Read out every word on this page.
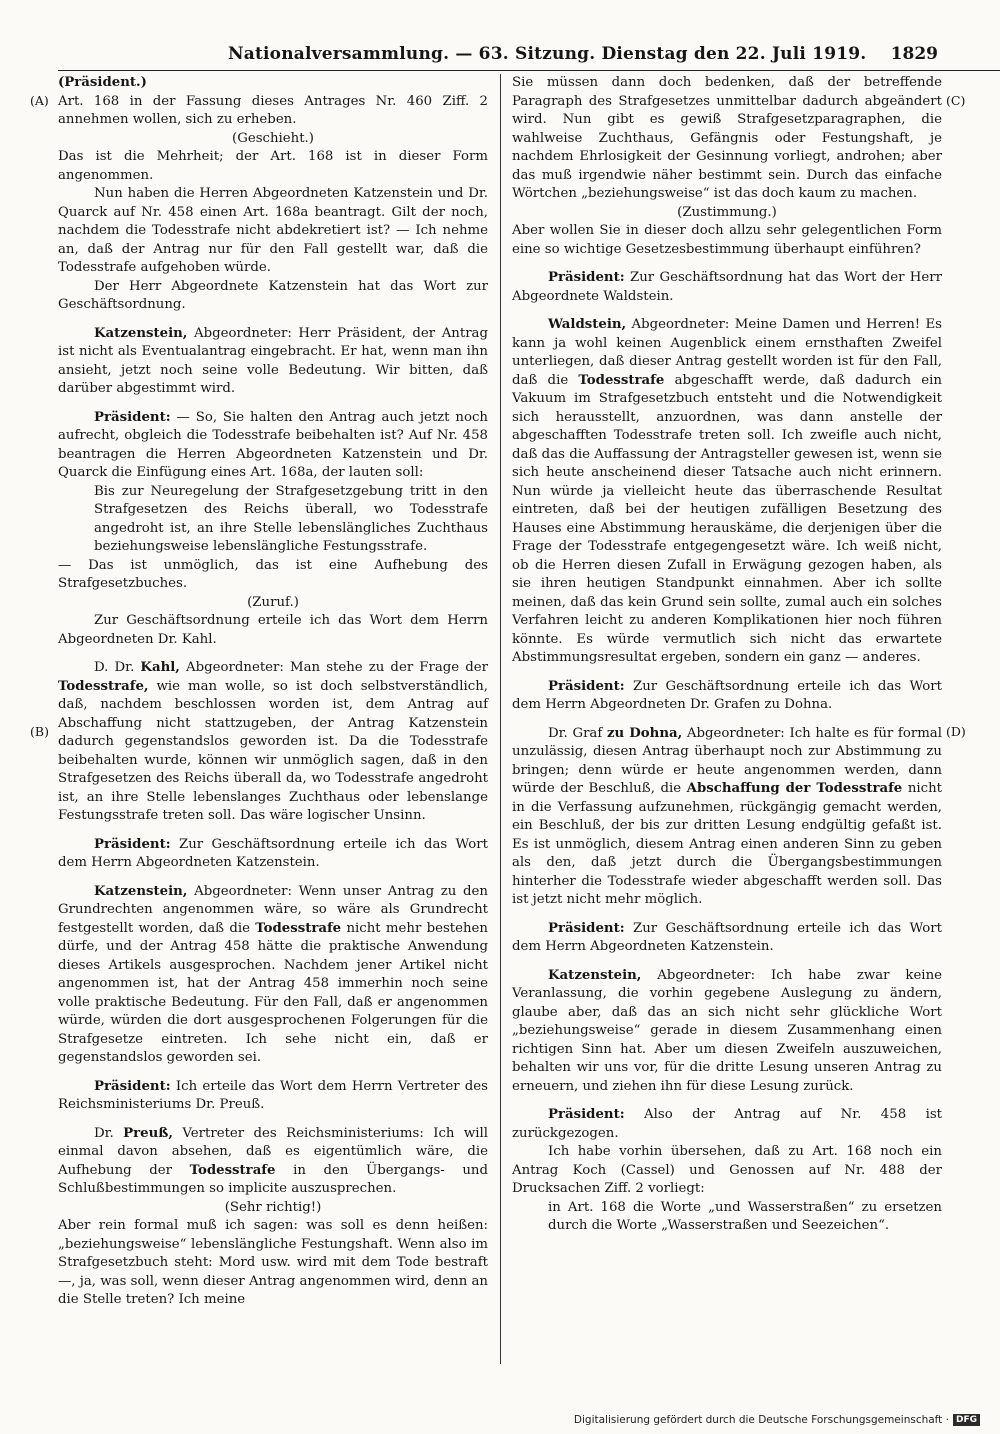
Nationalversammlung. — 63. Sitzung. Dienstag den 22. Juli 1919. 1829
(A)
(B)
(C)
(D)

(Präsident.)

Art. 168 in der Fassung dieses Antrages Nr. 460 Ziff. 2 annehmen wollen, sich zu erheben.

(Geschieht.)

Das ist die Mehrheit; der Art. 168 ist in dieser Form angenommen.

Nun haben die Herren Abgeordneten Katzenstein und Dr. Quarck auf Nr. 458 einen Art. 168a beantragt. Gilt der noch, nachdem die Todesstrafe nicht abdekretiert ist? — Ich nehme an, daß der Antrag nur für den Fall gestellt war, daß die Todesstrafe aufgehoben würde.

Der Herr Abgeordnete Katzenstein hat das Wort zur Geschäftsordnung.

Katzenstein, Abgeordneter: Herr Präsident, der Antrag ist nicht als Eventualantrag eingebracht. Er hat, wenn man ihn ansieht, jetzt noch seine volle Bedeutung. Wir bitten, daß darüber abgestimmt wird.

Präsident: — So, Sie halten den Antrag auch jetzt noch aufrecht, obgleich die Todesstrafe beibehalten ist? Auf Nr. 458 beantragen die Herren Abgeordneten Katzenstein und Dr. Quarck die Einfügung eines Art. 168a, der lauten soll:

Bis zur Neuregelung der Strafgesetzgebung tritt in den Strafgesetzen des Reichs überall, wo Todesstrafe angedroht ist, an ihre Stelle lebenslängliches Zuchthaus beziehungsweise lebenslängliche Festungsstrafe.

— Das ist unmöglich, das ist eine Aufhebung des Strafgesetzbuches.

(Zuruf.)

Zur Geschäftsordnung erteile ich das Wort dem Herrn Abgeordneten Dr. Kahl.

D. Dr. Kahl, Abgeordneter: Man stehe zu der Frage der Todesstrafe, wie man wolle, so ist doch selbstverständlich, daß, nachdem beschlossen worden ist, dem Antrag auf Abschaffung nicht stattzugeben, der Antrag Katzenstein dadurch gegenstandslos geworden ist. Da die Todesstrafe beibehalten wurde, können wir unmöglich sagen, daß in den Strafgesetzen des Reichs überall da, wo Todesstrafe angedroht ist, an ihre Stelle lebenslanges Zuchthaus oder lebenslange Festungsstrafe treten soll. Das wäre logischer Unsinn.

Präsident: Zur Geschäftsordnung erteile ich das Wort dem Herrn Abgeordneten Katzenstein.

Katzenstein, Abgeordneter: Wenn unser Antrag zu den Grundrechten angenommen wäre, so wäre als Grundrecht festgestellt worden, daß die Todesstrafe nicht mehr bestehen dürfe, und der Antrag 458 hätte die praktische Anwendung dieses Artikels ausgesprochen. Nachdem jener Artikel nicht angenommen ist, hat der Antrag 458 immerhin noch seine volle praktische Bedeutung. Für den Fall, daß er angenommen würde, würden die dort ausgesprochenen Folgerungen für die Strafgesetze eintreten. Ich sehe nicht ein, daß er gegenstandslos geworden sei.

Präsident: Ich erteile das Wort dem Herrn Vertreter des Reichsministeriums Dr. Preuß.

Dr. Preuß, Vertreter des Reichsministeriums: Ich will einmal davon absehen, daß es eigentümlich wäre, die Aufhebung der Todesstrafe in den Übergangs- und Schlußbestimmungen so implicite auszusprechen.

(Sehr richtig!)

Aber rein formal muß ich sagen: was soll es denn heißen: „beziehungsweise“ lebenslängliche Festungshaft. Wenn also im Strafgesetzbuch steht: Mord usw. wird mit dem Tode bestraft —, ja, was soll, wenn dieser Antrag angenommen wird, denn an die Stelle treten? Ich meine

Sie müssen dann doch bedenken, daß der betreffende Paragraph des Strafgesetzes unmittelbar dadurch abgeändert wird. Nun gibt es gewiß Strafgesetzparagraphen, die wahlweise Zuchthaus, Gefängnis oder Festungshaft, je nachdem Ehrlosigkeit der Gesinnung vorliegt, androhen; aber das muß irgendwie näher bestimmt sein. Durch das einfache Wörtchen „beziehungsweise“ ist das doch kaum zu machen.

(Zustimmung.)

Aber wollen Sie in dieser doch allzu sehr gelegentlichen Form eine so wichtige Gesetzesbestimmung überhaupt einführen?

Präsident: Zur Geschäftsordnung hat das Wort der Herr Abgeordnete Waldstein.

Waldstein, Abgeordneter: Meine Damen und Herren! Es kann ja wohl keinen Augenblick einem ernsthaften Zweifel unterliegen, daß dieser Antrag gestellt worden ist für den Fall, daß die Todesstrafe abgeschafft werde, daß dadurch ein Vakuum im Strafgesetzbuch entsteht und die Notwendigkeit sich herausstellt, anzuordnen, was dann anstelle der abgeschafften Todesstrafe treten soll. Ich zweifle auch nicht, daß das die Auffassung der Antragsteller gewesen ist, wenn sie sich heute anscheinend dieser Tatsache auch nicht erinnern. Nun würde ja vielleicht heute das überraschende Resultat eintreten, daß bei der heutigen zufälligen Besetzung des Hauses eine Abstimmung herauskäme, die derjenigen über die Frage der Todesstrafe entgegengesetzt wäre. Ich weiß nicht, ob die Herren diesen Zufall in Erwägung gezogen haben, als sie ihren heutigen Standpunkt einnahmen. Aber ich sollte meinen, daß das kein Grund sein sollte, zumal auch ein solches Verfahren leicht zu anderen Komplikationen hier noch führen könnte. Es würde vermutlich sich nicht das erwartete Abstimmungsresultat ergeben, sondern ein ganz — anderes.

Präsident: Zur Geschäftsordnung erteile ich das Wort dem Herrn Abgeordneten Dr. Grafen zu Dohna.

Dr. Graf zu Dohna, Abgeordneter: Ich halte es für formal unzulässig, diesen Antrag überhaupt noch zur Abstimmung zu bringen; denn würde er heute angenommen werden, dann würde der Beschluß, die Abschaffung der Todesstrafe nicht in die Verfassung aufzunehmen, rückgängig gemacht werden, ein Beschluß, der bis zur dritten Lesung endgültig gefaßt ist. Es ist unmöglich, diesem Antrag einen anderen Sinn zu geben als den, daß jetzt durch die Übergangsbestimmungen hinterher die Todesstrafe wieder abgeschafft werden soll. Das ist jetzt nicht mehr möglich.

Präsident: Zur Geschäftsordnung erteile ich das Wort dem Herrn Abgeordneten Katzenstein.

Katzenstein, Abgeordneter: Ich habe zwar keine Veranlassung, die vorhin gegebene Auslegung zu ändern, glaube aber, daß das an sich nicht sehr glückliche Wort „beziehungsweise“ gerade in diesem Zusammenhang einen richtigen Sinn hat. Aber um diesen Zweifeln auszuweichen, behalten wir uns vor, für die dritte Lesung unseren Antrag zu erneuern, und ziehen ihn für diese Lesung zurück.

Präsident: Also der Antrag auf Nr. 458 ist zurückgezogen.

Ich habe vorhin übersehen, daß zu Art. 168 noch ein Antrag Koch (Cassel) und Genossen auf Nr. 488 der Drucksachen Ziff. 2 vorliegt:

in Art. 168 die Worte „und Wasserstraßen“ zu ersetzen durch die Worte „Wasserstraßen und Seezeichen“.

Digitalisierung gefördert durch die Deutsche Forschungsgemeinschaft · DFG
